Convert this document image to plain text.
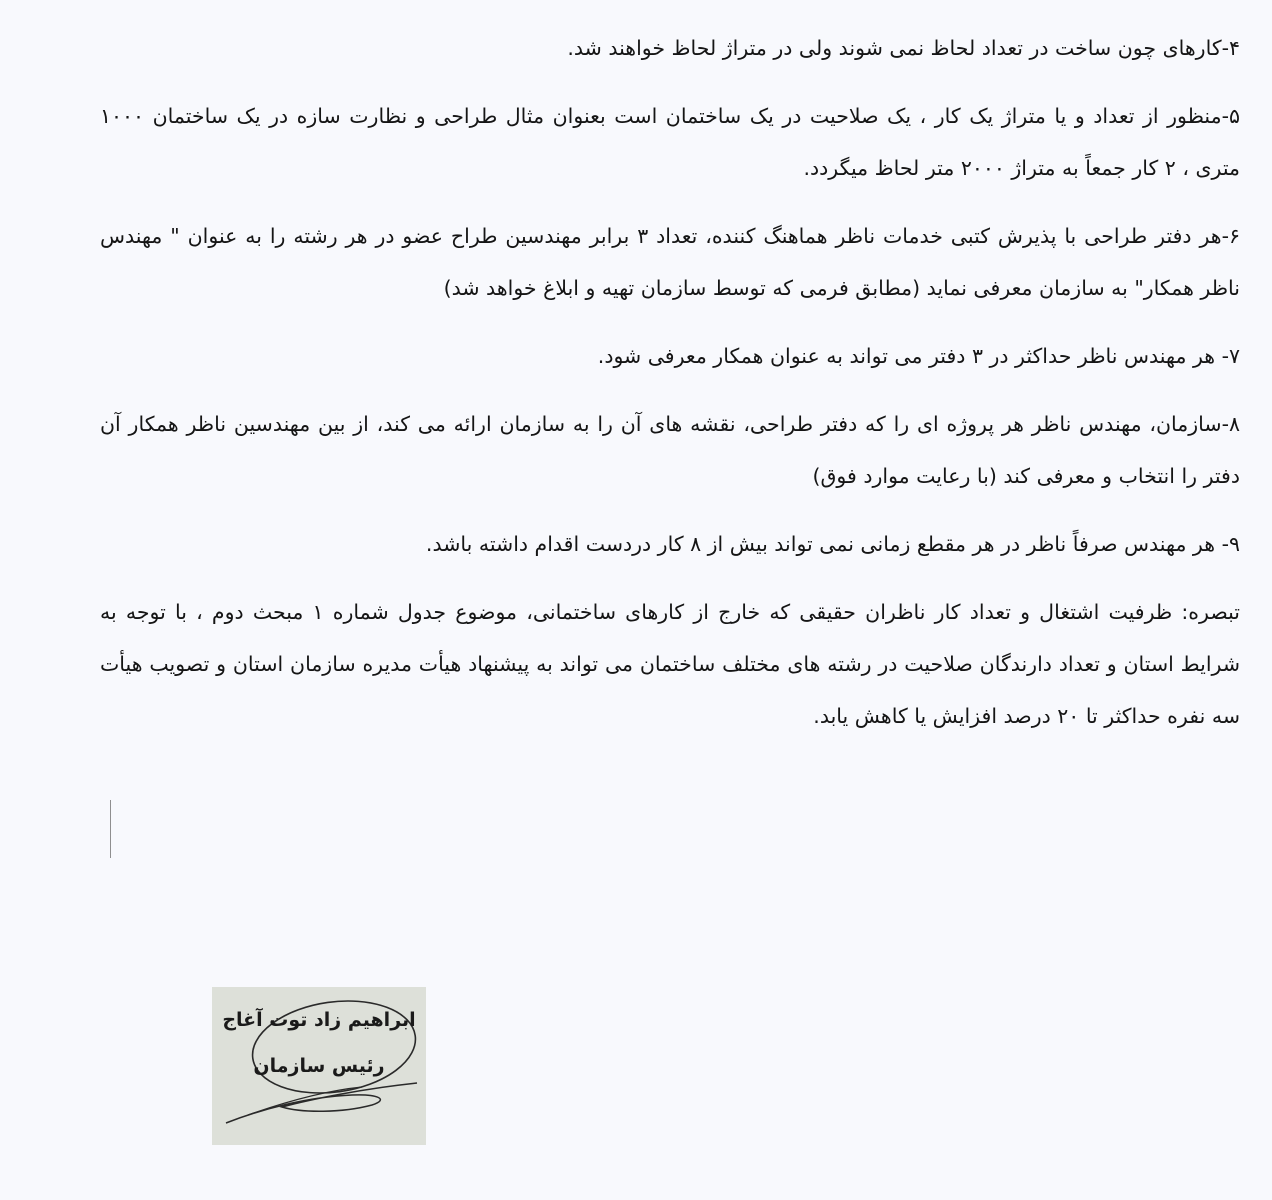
۴-کارهای چون ساخت در تعداد لحاظ نمی شوند ولی در متراژ لحاظ خواهند شد.

۵-منظور از تعداد و یا متراژ یک کار ، یک صلاحیت در یک ساختمان است بعنوان مثال طراحی و نظارت سازه در یک ساختمان ۱۰۰۰ متری ، ۲ کار جمعاً به متراژ ۲۰۰۰ متر لحاظ میگردد.

۶-هر دفتر طراحی با پذیرش کتبی خدمات ناظر هماهنگ کننده، تعداد ۳ برابر مهندسین طراح عضو در هر رشته را به عنوان " مهندس ناظر همکار" به سازمان معرفی نماید (مطابق فرمی که توسط سازمان تهیه و ابلاغ خواهد شد)

۷- هر مهندس ناظر حداکثر در ۳ دفتر می تواند به عنوان همکار معرفی شود.

۸-سازمان، مهندس ناظر هر پروژه ای را که دفتر طراحی، نقشه های آن را به سازمان ارائه می کند، از بین مهندسین ناظر همکار آن دفتر را انتخاب و معرفی کند (با رعایت موارد فوق)

۹- هر مهندس صرفاً ناظر در هر مقطع زمانی نمی تواند بیش از ۸ کار دردست اقدام داشته باشد.

تبصره: ظرفیت اشتغال و تعداد کار ناظران حقیقی که خارج از کارهای ساختمانی، موضوع جدول شماره ۱ مبحث دوم ، با توجه به شرایط استان و تعداد دارندگان صلاحیت در رشته های مختلف ساختمان می تواند به پیشنهاد هیأت مدیره سازمان استان و تصویب هیأت سه نفره حداکثر تا ۲۰ درصد افزایش یا کاهش یابد.

ابراهیم زاد توت آغاج
رئیس سازمان
